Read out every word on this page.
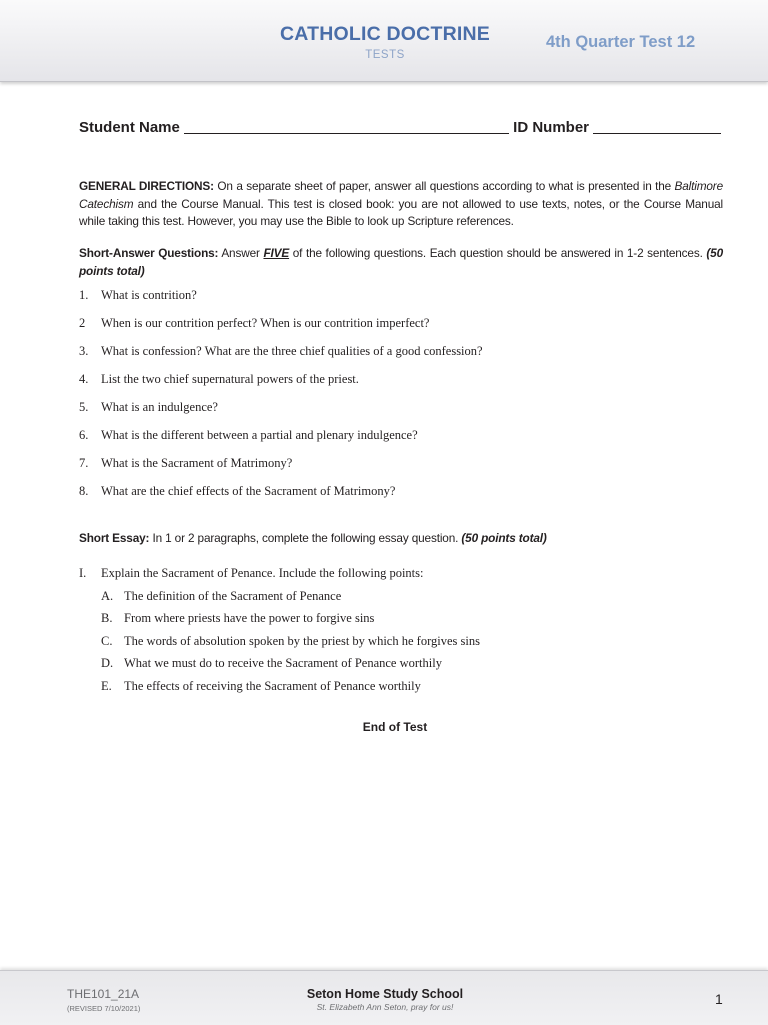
CATHOLIC DOCTRINE
TESTS
4th Quarter Test 12
Student Name	ID Number

GENERAL DIRECTIONS: On a separate sheet of paper, answer all questions according to what is presented in the Baltimore Catechism and the Course Manual. This test is closed book: you are not allowed to use texts, notes, or the Course Manual while taking this test. However, you may use the Bible to look up Scripture references.

Short-Answer Questions: Answer FIVE of the following questions. Each question should be answered in 1-2 sentences. (50 points total)

1. What is contrition?
2 When is our contrition perfect? When is our contrition imperfect?
3. What is confession? What are the three chief qualities of a good confession?
4. List the two chief supernatural powers of the priest.
5. What is an indulgence?
6. What is the different between a partial and plenary indulgence?
7. What is the Sacrament of Matrimony?
8. What are the chief effects of the Sacrament of Matrimony?

Short Essay: In 1 or 2 paragraphs, complete the following essay question. (50 points total)

I. Explain the Sacrament of Penance. Include the following points:
A. The definition of the Sacrament of Penance
B. From where priests have the power to forgive sins
C. The words of absolution spoken by the priest by which he forgives sins
D. What we must do to receive the Sacrament of Penance worthily
E. The effects of receiving the Sacrament of Penance worthily
End of Test
THE101_21A
(REVISED 7/10/2021)
Seton Home Study School
St. Elizabeth Ann Seton, pray for us!	1
